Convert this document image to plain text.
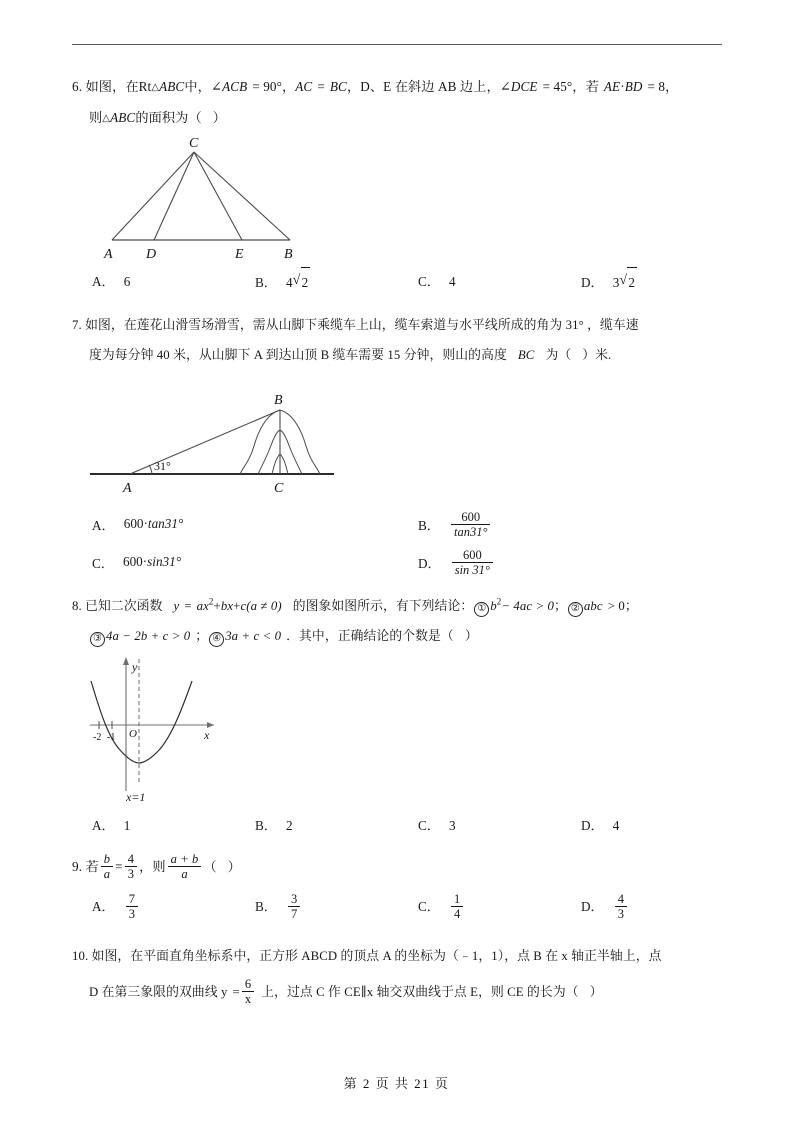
6. 如图，在Rt△ABC中，∠ACB = 90°，AC = BC，D、E 在斜边 AB 边上，∠DCE = 45°，若 AE·BD = 8，
则△ABC的面积为（ ）
C
A D	E	B
A． 6	B． 4 √ 2	C． 4	D． 3 √ 2
7. 如图，在莲花山滑雪场滑雪，需从山脚下乘缆车上山，缆车索道与水平线所成的角为 31° ，缆车速
度为每分钟 40 米，从山脚下 A 到达山顶 B 缆车需要 15 分钟，则山的高度 BC 为（ ）米.
31°
B
A	C
A． 600 · tan31°	B． $\frac{600}{\tan 31^\circ}$
C． 600 · sin31°	D． $\frac{600}{\sin 31^\circ}$
8. 已知二次函数 $y = ax^2+bx+c(a \ne 0)$ 的图象如图所示，有下列结论： ① $b^2- 4ac > 0$； ② abc > 0；
③ 4a − 2b + c > 0 ； ④ 3a + c < 0 ．其中，正确结论的个数是（ ）
-2 -1 O
y
x
x=1
A． 1	B． 2	C． 3	D． 4
9. 若 $\frac{b}{a} = \frac{4}{3}$ ，则 $\frac{a + b}{a}$ （ ）
A． $\frac{7}{3}$	B． $\frac{3}{7}$	C． $\frac{1}{4}$	D． $\frac{4}{3}$
10. 如图，在平面直角坐标系中，正方形 ABCD 的顶点 A 的坐标为（﹣1，1），点 B 在 x 轴正半轴上，点
D 在第三象限的双曲线 $y = \frac{6}{x}$ 上，过点 C 作 CE∥x 轴交双曲线于点 E，则 CE 的长为（ ）
第 2 页 共 21 页
